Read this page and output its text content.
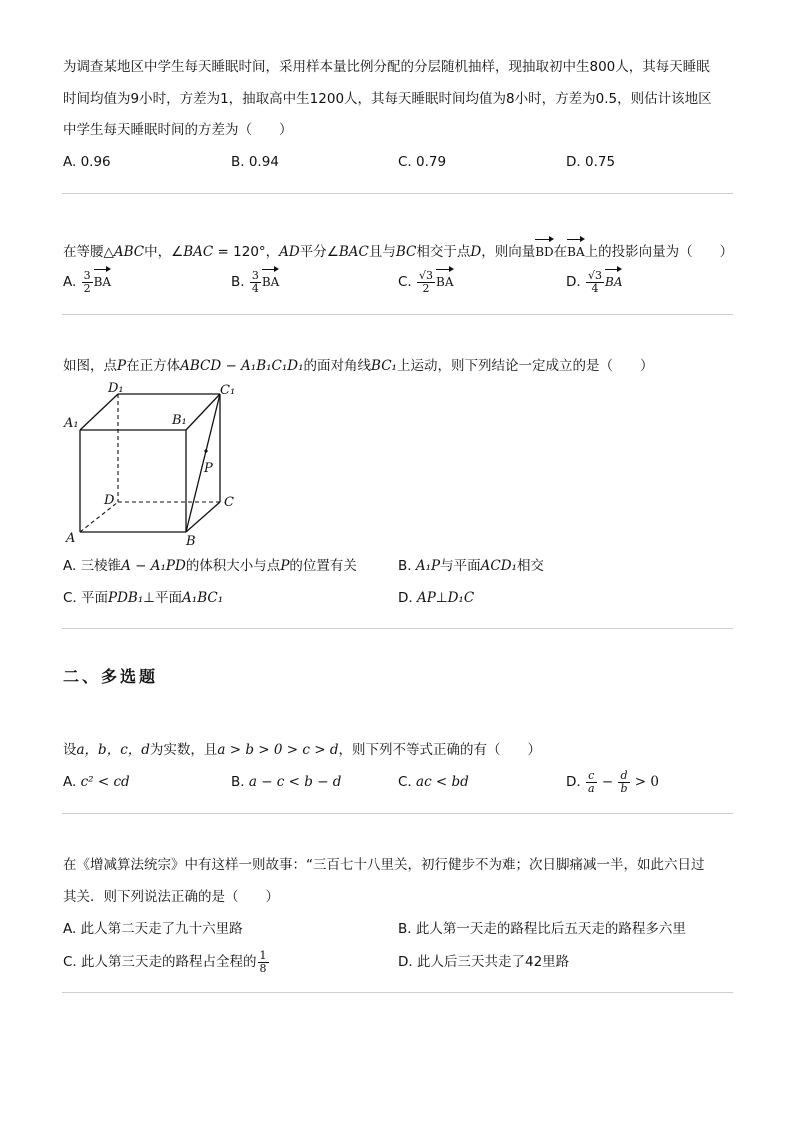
为调查某地区中学生每天睡眠时间，采用样本量比例分配的分层随机抽样，现抽取初中生800人，其每天睡眠
时间均值为9小时，方差为1，抽取高中生1200人，其每天睡眠时间均值为8小时，方差为0.5，则估计该地区
中学生每天睡眠时间的方差为（　　）
A. 0.96	B. 0.94	C. 0.79	D. 0.75
在等腰△ABC中，∠BAC = 120°，AD平分∠BAC且与BC相交于点D，则向量BD在BA上的投影向量为（　　）
A. $\frac{3}{2}$ BA	B. $\frac{3}{4}$ BA	C. $\frac{√3}{2}$ BA	D. $\frac{√3}{4}$ BA
如图，点P在正方体ABCD − A₁B₁C₁D₁的面对角线BC₁上运动，则下列结论一定成立的是（　　）
D₁	C₁
A₁	B₁
P
D	C
A	B
A. 三棱锥A − A₁PD的体积大小与点P的位置有关	B. A₁P与平面ACD₁相交
C. 平面PDB₁⊥平面A₁BC₁	D. AP⊥D₁C
二、多选题
设a，b，c，d为实数，且a > b > 0 > c > d，则下列不等式正确的有（　　）
A. c² < cd	B. a − c < b − d	C. ac < bd	D. $\frac{c}{a} - \frac{d}{b} > 0$
在《增减算法统宗》中有这样一则故事：“三百七十八里关，初行健步不为难；次日脚痛减一半，如此六日过
其关．则下列说法正确的是（　　）
A. 此人第二天走了九十六里路	B. 此人第一天走的路程比后五天走的路程多六里
C. 此人第三天走的路程占全程的 $\frac{1}{8}$	D. 此人后三天共走了42里路
